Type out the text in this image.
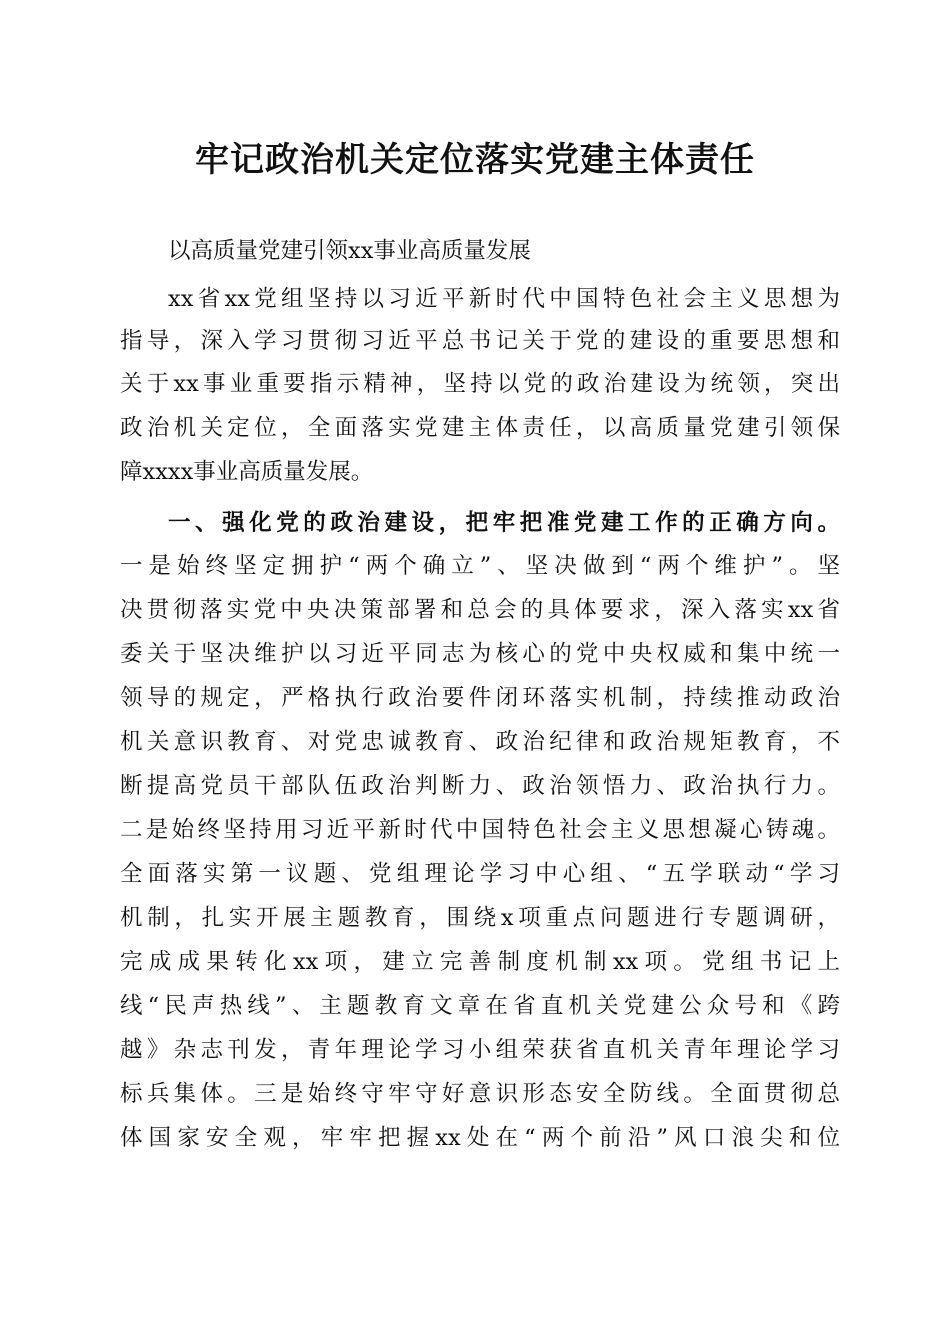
牢记政治机关定位落实党建主体责任
以高质量党建引领xx事业高质量发展
xx省xx党组坚持以习近平新时代中国特色社会主义思想为
指导，深入学习贯彻习近平总书记关于党的建设的重要思想和
关于xx事业重要指示精神，坚持以党的政治建设为统领，突出
政治机关定位，全面落实党建主体责任，以高质量党建引领保
障xxxx事业高质量发展。
一、强化党的政治建设，把牢把准党建工作的正确方向。
一是始终坚定拥护“两个确立”、坚决做到“两个维护”。坚
决贯彻落实党中央决策部署和总会的具体要求，深入落实xx省
委关于坚决维护以习近平同志为核心的党中央权威和集中统一
领导的规定，严格执行政治要件闭环落实机制，持续推动政治
机关意识教育、对党忠诚教育、政治纪律和政治规矩教育，不
断提高党员干部队伍政治判断力、政治领悟力、政治执行力。
二是始终坚持用习近平新时代中国特色社会主义思想凝心铸魂。
全面落实第一议题、党组理论学习中心组、“五学联动“学习
机制，扎实开展主题教育，围绕x项重点问题进行专题调研，
完成成果转化xx项，建立完善制度机制xx项。党组书记上
线“民声热线”、主题教育文章在省直机关党建公众号和《跨
越》杂志刊发，青年理论学习小组荣获省直机关青年理论学习
标兵集体。三是始终守牢守好意识形态安全防线。全面贯彻总
体国家安全观，牢牢把握xx处在“两个前沿”风口浪尖和位
